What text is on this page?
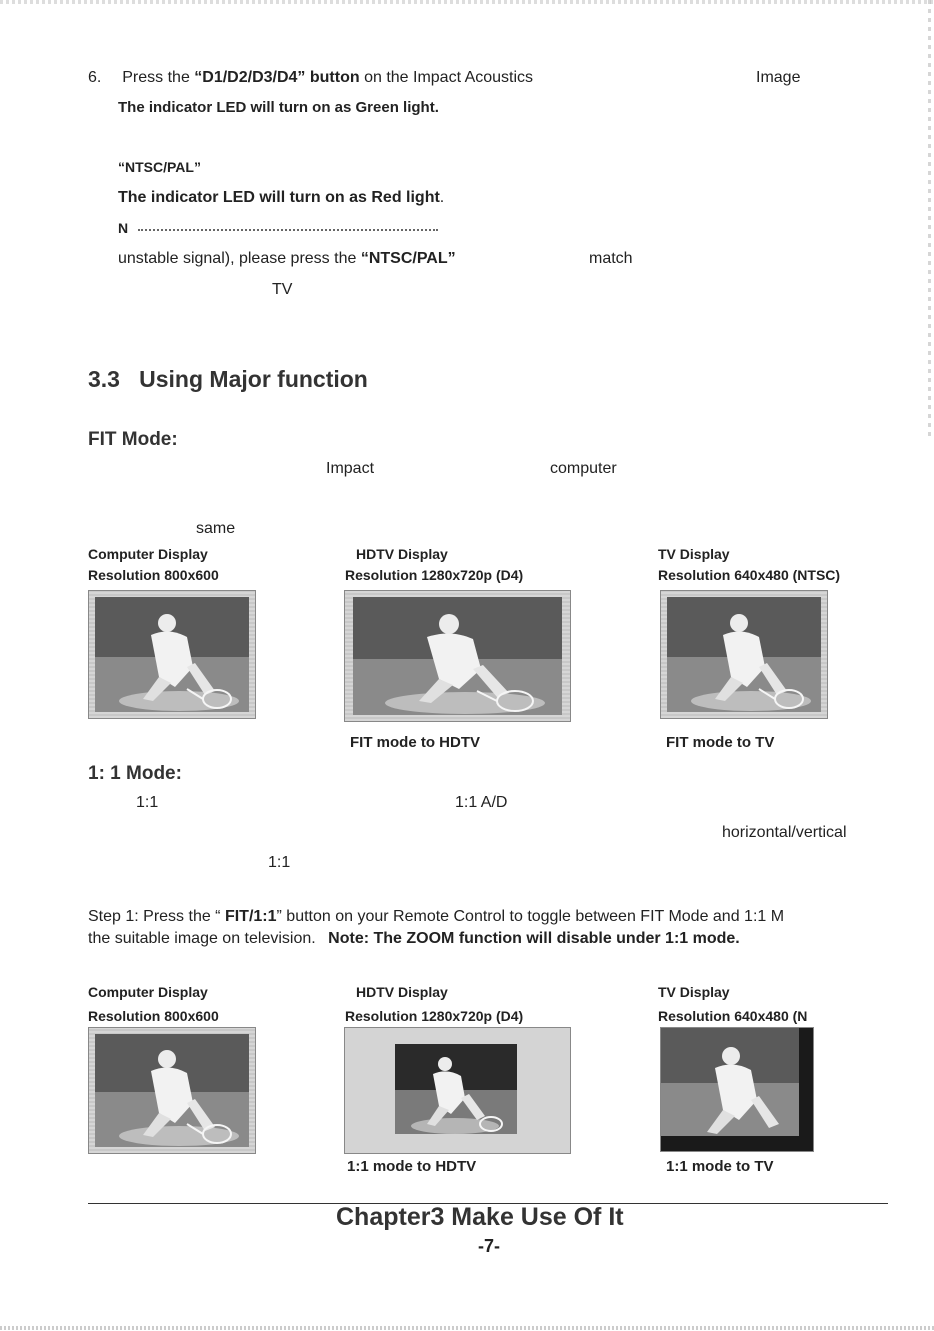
6. Press the “D1/D2/D3/D4” button on the Impact Acoustics	Image
The indicator LED will turn on as Green light.
“NTSC/PAL”
The indicator LED will turn on as Red light.
N
unstable signal), please press the “NTSC/PAL”	match
TV
3.3   Using Major function
FIT Mode:
Impact	computer
same
Computer Display
Resolution 800x600
HDTV Display
Resolution 1280x720p (D4)
TV Display
Resolution 640x480 (NTSC)
FIT mode to HDTV	FIT mode to TV
1: 1 Mode:
1:1	1:1 A/D
horizontal/vertical
1:1
Step 1: Press the “ FIT/1:1” button on your Remote Control to toggle between FIT Mode and 1:1 M
the suitable image on television. Note: The ZOOM function will disable under 1:1 mode.
Computer Display
Resolution 800x600
HDTV Display
Resolution 1280x720p (D4)
TV Display
Resolution 640x480 (N
1:1 mode to HDTV	1:1 mode to TV
Chapter3 Make Use Of It
-7-
